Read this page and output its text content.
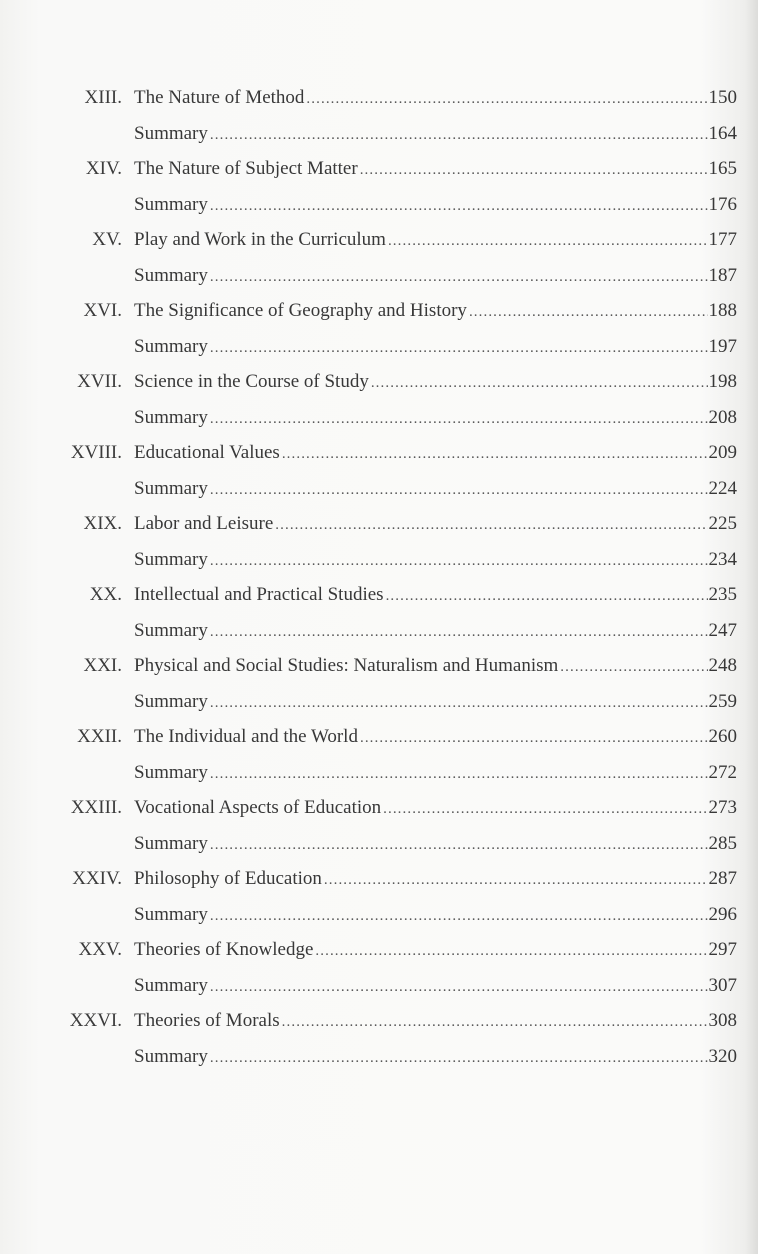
XIII. The Nature of Method .....	150
Summary .....	164
XIV. The Nature of Subject Matter .....	165
Summary .....	176
XV. Play and Work in the Curriculum .....	177
Summary .....	187
XVI. The Significance of Geography and History .....	188
Summary .....	197
XVII. Science in the Course of Study .....	198
Summary .....	208
XVIII. Educational Values .....	209
Summary .....	224
XIX. Labor and Leisure .....	225
Summary .....	234
XX. Intellectual and Practical Studies .....	235
Summary .....	247
XXI. Physical and Social Studies: Naturalism and Humanism .....	248
Summary .....	259
XXII. The Individual and the World .....	260
Summary .....	272
XXIII. Vocational Aspects of Education .....	273
Summary .....	285
XXIV. Philosophy of Education .....	287
Summary .....	296
XXV. Theories of Knowledge .....	297
Summary .....	307
XXVI. Theories of Morals .....	308
Summary .....	320
